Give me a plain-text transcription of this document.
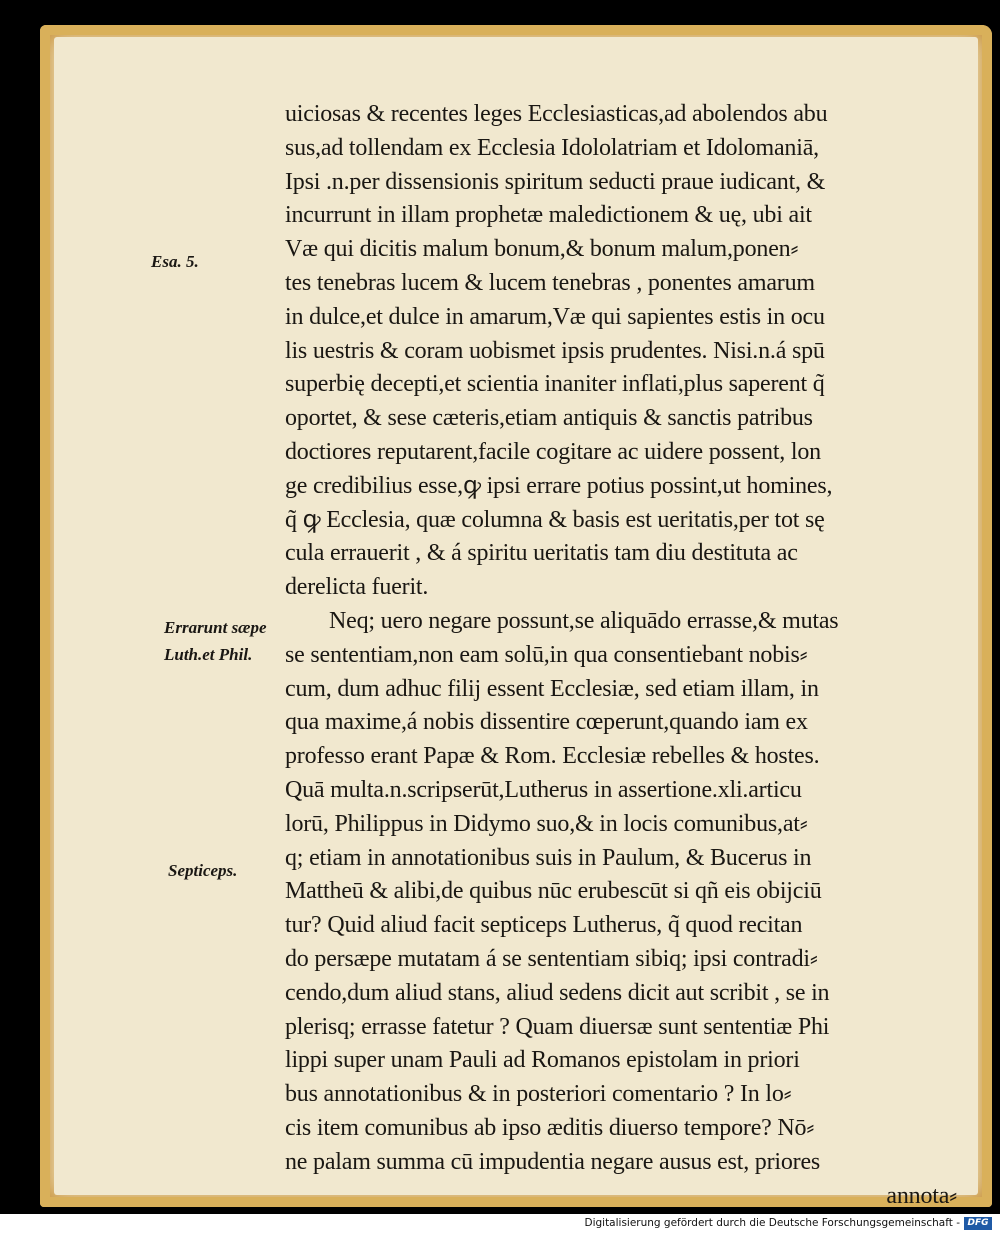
Esa. 5.
Errarunt sæpe
Luth.et Phil.
Septiceps.
uiciosas & recentes leges Ecclesiasticas,ad abolendos abu
sus,ad tollendam ex Ecclesia Idololatriam et Idolomaniā,
Ipsi .n.per dissensionis spiritum seducti praue iudicant, &
incurrunt in illam prophetæ maledictionem & uę, ubi ait
Vӕ qui dicitis malum bonum,& bonum malum,ponen⸗
tes tenebras lucem & lucem tenebras , ponentes amarum
in dulce,et dulce in amarum,Vӕ qui sapientes estis in ocu
lis uestris & coram uobismet ipsis prudentes. Nisi.n.á spū
superbię decepti,et scientia inaniter inflati,plus saperent q̃
oportet, & sese cæteris,etiam antiquis & sanctis patribus
doctiores reputarent,facile cogitare ac uidere possent, lon
ge credibilius esse,ꝙ ipsi errare potius possint,ut homines,
q̃ ꝙ Ecclesia, quæ columna & basis est ueritatis,per tot sę
cula errauerit , & á spiritu ueritatis tam diu destituta ac
derelicta fuerit.
Neq; uero negare possunt,se aliquādo errasse,& mutas
se sententiam,non eam solū,in qua consentiebant nobis⸗
cum, dum adhuc filij essent Ecclesiæ, sed etiam illam, in
qua maxime,á nobis dissentire cœperunt,quando iam ex
professo erant Papæ & Rom. Ecclesiæ rebelles & hostes.
Quā multa.n.scripserūt,Lutherus in assertione.xli.articu
lorū, Philippus in Didymo suo,& in locis comunibus,at⸗
q; etiam in annotationibus suis in Paulum, & Bucerus in
Mattheū & alibi,de quibus nūc erubescūt si qñ eis obijciū
tur? Quid aliud facit septiceps Lutherus, q̃ quod recitan
do persæpe mutatam á se sententiam sibiq; ipsi contradi⸗
cendo,dum aliud stans, aliud sedens dicit aut scribit , se in
plerisq; errasse fatetur ? Quam diuersæ sunt sententiæ Phi
lippi super unam Pauli ad Romanos epistolam in priori
bus annotationibus & in posteriori comentario ? In lo⸗
cis item comunibus ab ipso æditis diuerso tempore? Nō⸗
ne palam summa cū impudentia negare ausus est, priores
annota⸗
Digitalisierung gefördert durch die Deutsche Forschungsgemeinschaft - DFG
